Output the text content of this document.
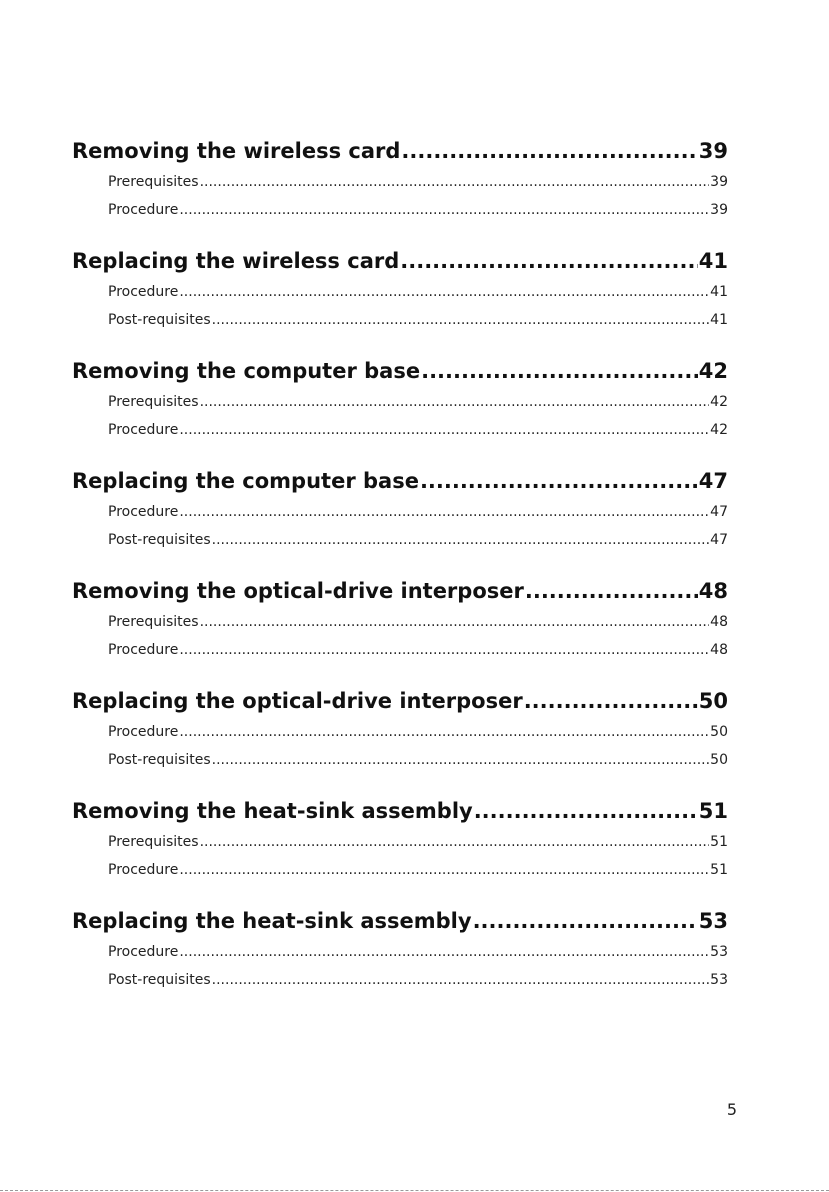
Removing the wireless card .....	39
Prerequisites .....	39
Procedure .....	39
Replacing the wireless card .....	41
Procedure .....	41
Post-requisites .....	41
Removing the computer base .....	42
Prerequisites .....	42
Procedure .....	42
Replacing the computer base .....	47
Procedure .....	47
Post-requisites .....	47
Removing the optical-drive interposer .....	48
Prerequisites .....	48
Procedure .....	48
Replacing the optical-drive interposer .....	50
Procedure .....	50
Post-requisites .....	50
Removing the heat-sink assembly .....	51
Prerequisites .....	51
Procedure .....	51
Replacing the heat-sink assembly .....	53
Procedure .....	53
Post-requisites .....	53
5
